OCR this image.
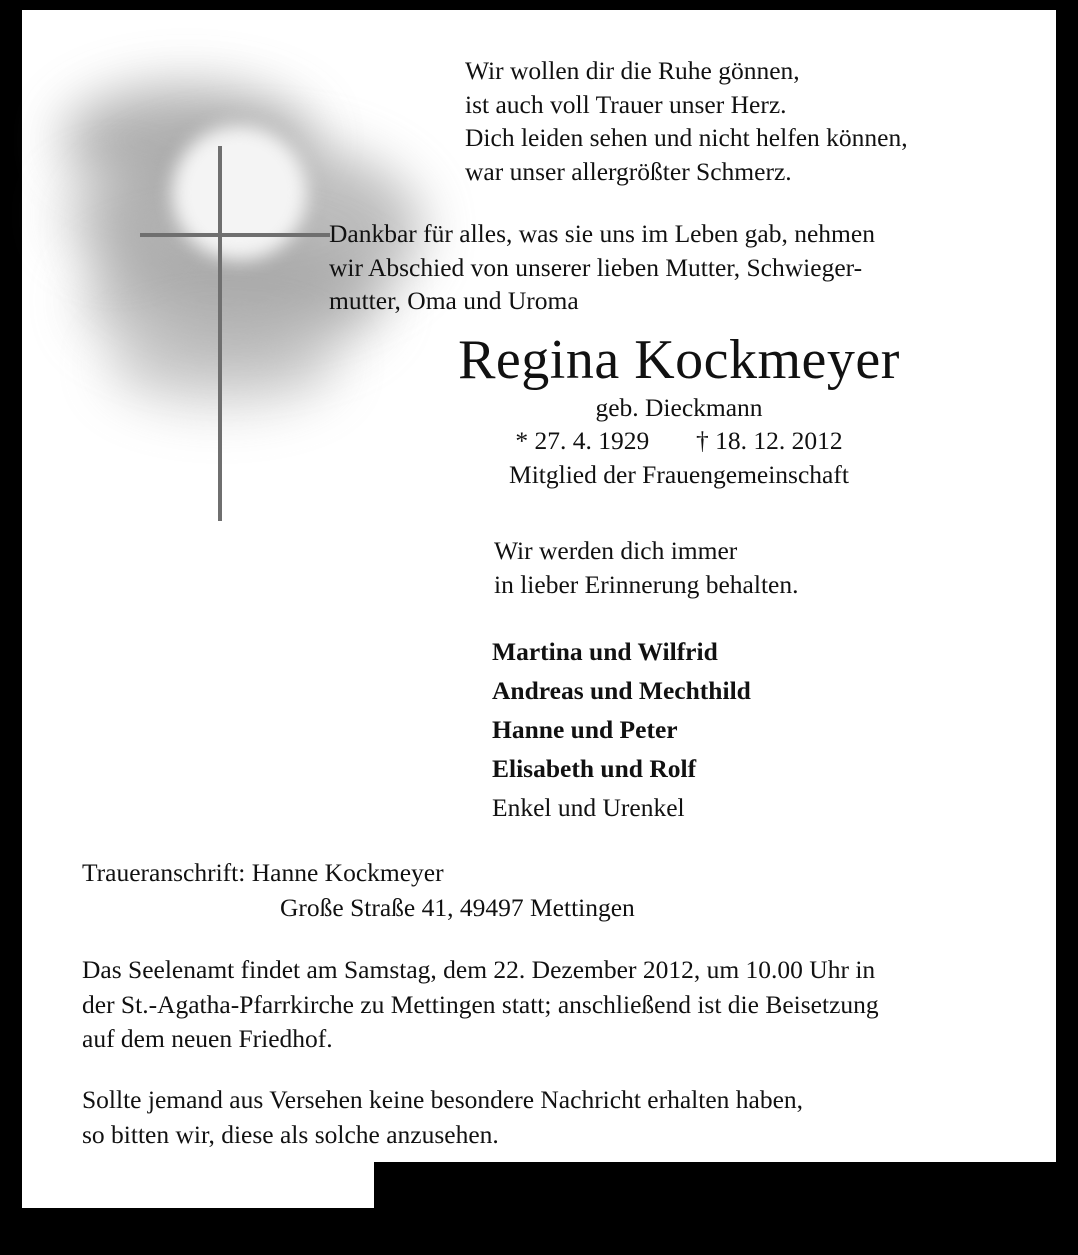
Wir wollen dir die Ruhe gönnen,
ist auch voll Trauer unser Herz.
Dich leiden sehen und nicht helfen können,
war unser allergrößter Schmerz.
Dankbar für alles, was sie uns im Leben gab, nehmen
wir Abschied von unserer lieben Mutter, Schwieger-
mutter, Oma und Uroma
Regina Kockmeyer
geb. Dieckmann
* 27. 4. 1929 † 18. 12. 2012
Mitglied der Frauengemeinschaft
Wir werden dich immer
in lieber Erinnerung behalten.
Martina und Wilfrid
Andreas und Mechthild
Hanne und Peter
Elisabeth und Rolf
Enkel und Urenkel
Traueranschrift: Hanne Kockmeyer
Große Straße 41, 49497 Mettingen
Das Seelenamt findet am Samstag, dem 22. Dezember 2012, um 10.00 Uhr in
der St.-Agatha-Pfarrkirche zu Mettingen statt; anschließend ist die Beisetzung
auf dem neuen Friedhof.
Sollte jemand aus Versehen keine besondere Nachricht erhalten haben,
so bitten wir, diese als solche anzusehen.
